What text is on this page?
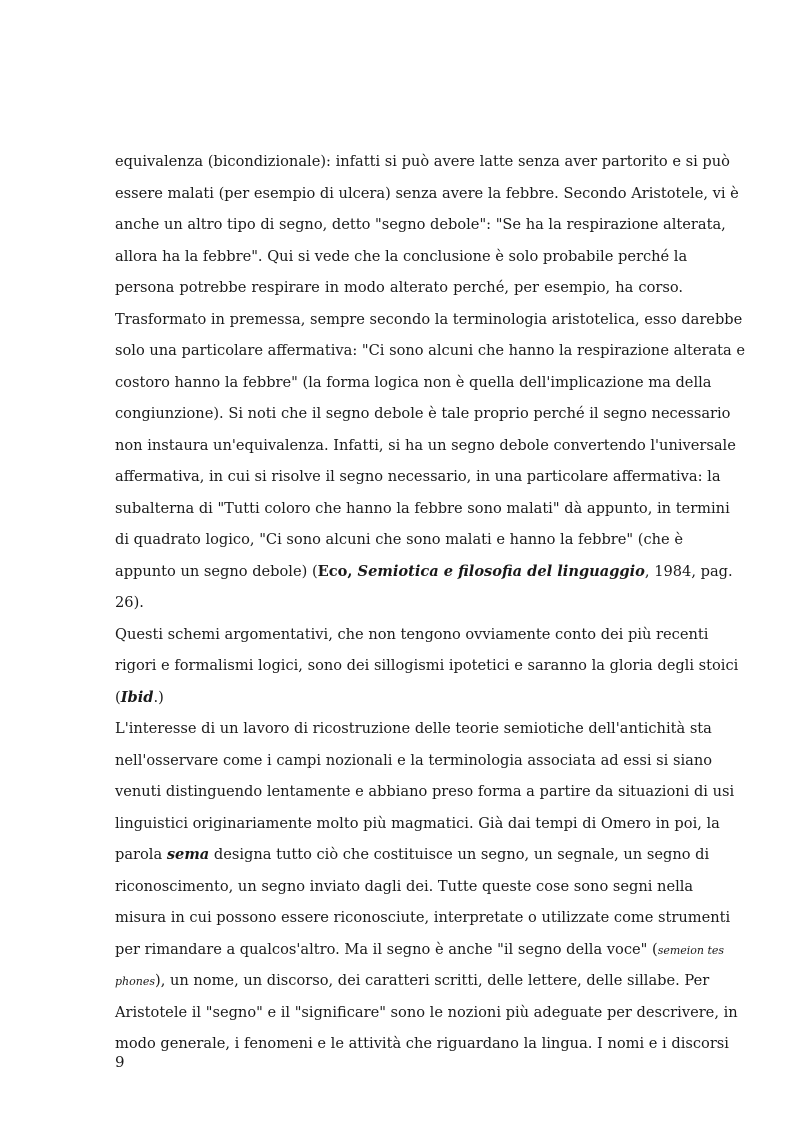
equivalenza (bicondizionale): infatti si può avere latte senza aver partorito e si può
essere malati (per esempio di ulcera) senza avere la febbre. Secondo Aristotele, vi è
anche un altro tipo di segno, detto "segno debole": "Se ha la respirazione alterata,
allora ha la febbre". Qui si vede che la conclusione è solo probabile perché la
persona potrebbe respirare in modo alterato perché, per esempio, ha corso.
Trasformato in premessa, sempre secondo la terminologia aristotelica, esso darebbe
solo una particolare affermativa: "Ci sono alcuni che hanno la respirazione alterata e
costoro hanno la febbre" (la forma logica non è quella dell'implicazione ma della
congiunzione). Si noti che il segno debole è tale proprio perché il segno necessario
non instaura un'equivalenza. Infatti, si ha un segno debole convertendo l'universale
affermativa, in cui si risolve il segno necessario, in una particolare affermativa: la
subalterna di "Tutti coloro che hanno la febbre sono malati" dà appunto, in termini
di quadrato logico, "Ci sono alcuni che sono malati e hanno la febbre" (che è
appunto un segno debole) (Eco, Semiotica e filosofia del linguaggio, 1984, pag.
26).
Questi schemi argomentativi, che non tengono ovviamente conto dei più recenti
rigori e formalismi logici, sono dei sillogismi ipotetici e saranno la gloria degli stoici
(Ibid.)
L'interesse di un lavoro di ricostruzione delle teorie semiotiche dell'antichità sta
nell'osservare come i campi nozionali e la terminologia associata ad essi si siano
venuti distinguendo lentamente e abbiano preso forma a partire da situazioni di usi
linguistici originariamente molto più magmatici. Già dai tempi di Omero in poi, la
parola sema designa tutto ciò che costituisce un segno, un segnale, un segno di
riconoscimento, un segno inviato dagli dei. Tutte queste cose sono segni nella
misura in cui possono essere riconosciute, interpretate o utilizzate come strumenti
per rimandare a qualcos'altro. Ma il segno è anche "il segno della voce" (semeion tes
phones), un nome, un discorso, dei caratteri scritti, delle lettere, delle sillabe. Per
Aristotele il "segno" e il "significare" sono le nozioni più adeguate per descrivere, in
modo generale, i fenomeni e le attività che riguardano la lingua. I nomi e i discorsi
9
